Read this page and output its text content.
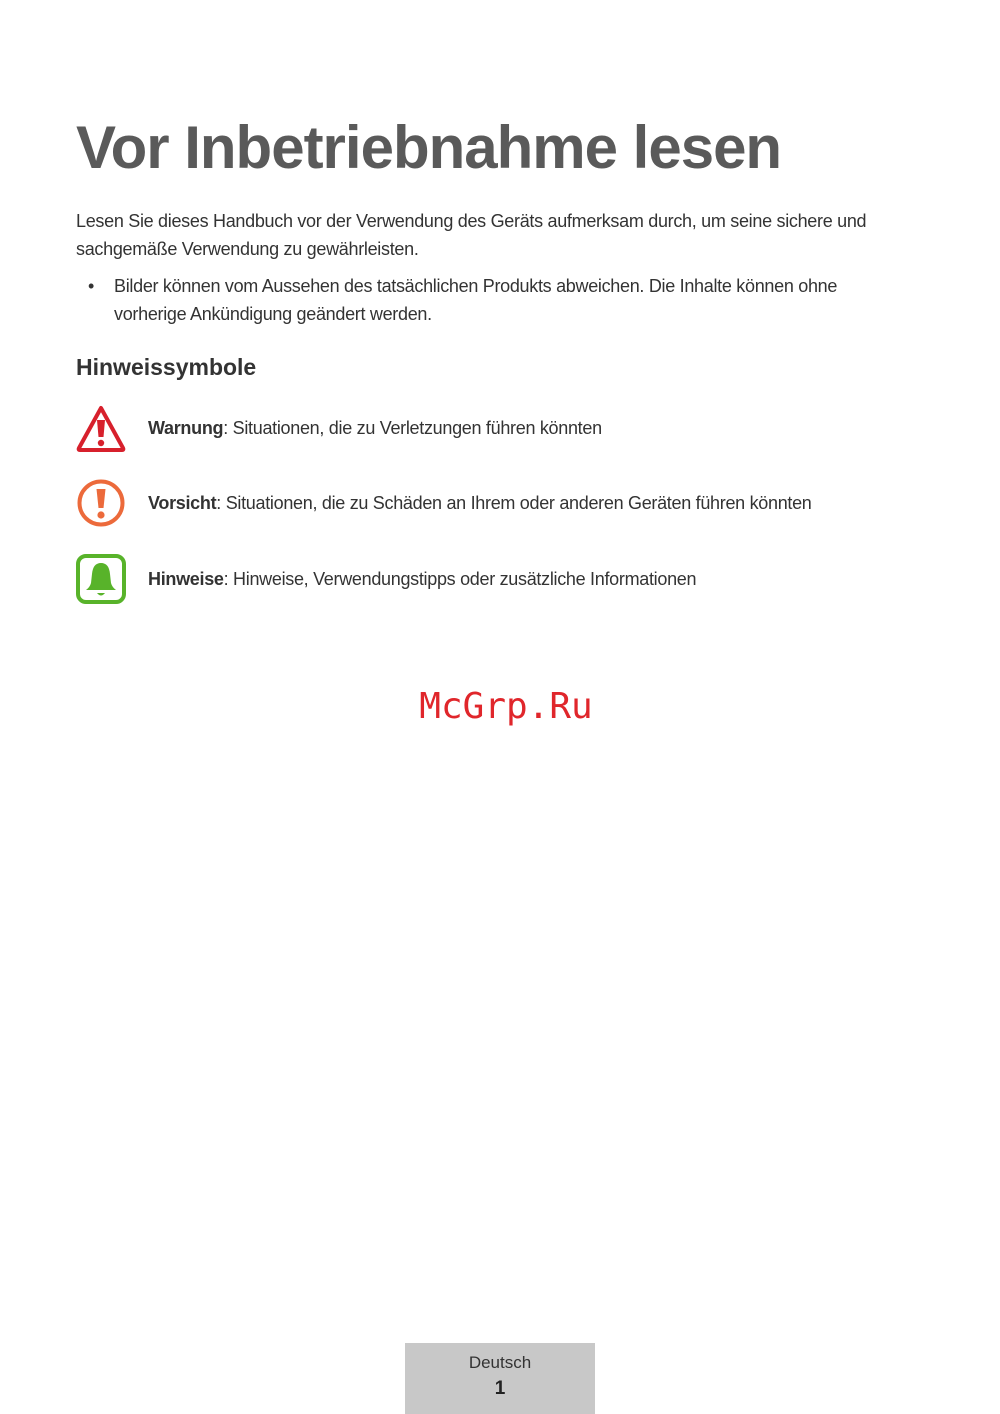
Vor Inbetriebnahme lesen

Lesen Sie dieses Handbuch vor der Verwendung des Geräts aufmerksam durch, um seine sichere und sachgemäße Verwendung zu gewährleisten.

• Bilder können vom Aussehen des tatsächlichen Produkts abweichen. Die Inhalte können ohne vorherige Ankündigung geändert werden.
Hinweissymbole
Warnung: Situationen, die zu Verletzungen führen könnten
Vorsicht: Situationen, die zu Schäden an Ihrem oder anderen Geräten führen könnten
Hinweise: Hinweise, Verwendungstipps oder zusätzliche Informationen
McGrp.Ru
Deutsch
1
